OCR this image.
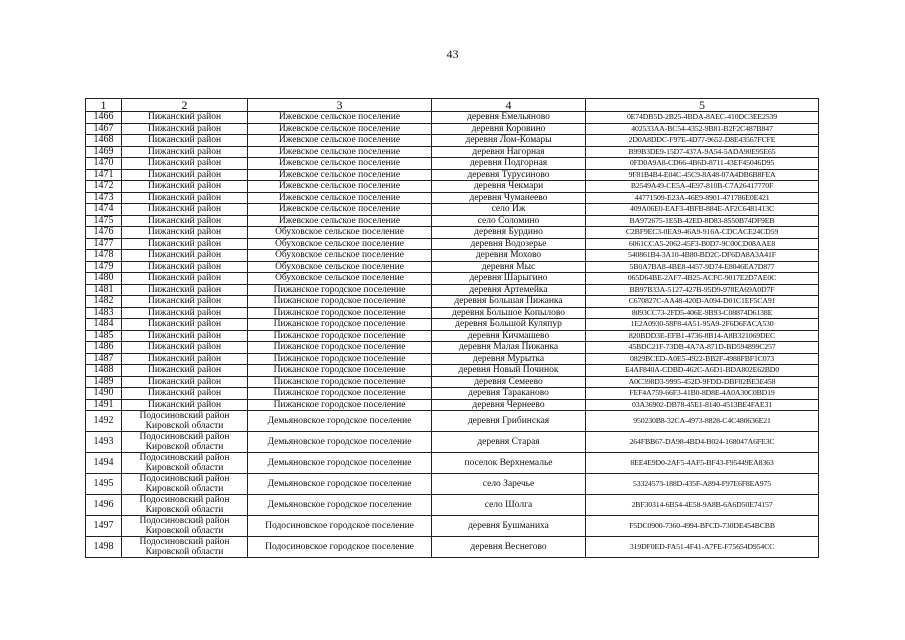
43
1	2	3	4	5
1466	Пижанский район	Ижевское сельское поселение	деревня Емельяново	0E74DB5D-2B25-4BDA-8AEC-410DC3EE2539
1467	Пижанский район	Ижевское сельское поселение	деревня Коровино	402533AA-BC54-4352-9B81-B2F2C487B847
1468	Пижанский район	Ижевское сельское поселение	деревня Лом-Комары	2D0A8DDC-F97E-4D77-9652-D8E43567FCFE
1469	Пижанский район	Ижевское сельское поселение	деревня Нагорная	B99B3DE9-15D7-437A-9A54-5ADA90E95E65
1470	Пижанский район	Ижевское сельское поселение	деревня Подгорная	0FD0A9A8-CD66-4B6D-8711-43EF45046D95
1471	Пижанский район	Ижевское сельское поселение	деревня Турусиново	9F81B4B4-E04C-45C9-8A48-07A4DB6B8FEA
1472	Пижанский район	Ижевское сельское поселение	деревня Чекмари	B2549A49-CE5A-4E97-810B-C7A26417770F
1473	Пижанский район	Ижевское сельское поселение	деревня Чуманеево	44771509-E23A-46E9-8901-471786E0E421
1474	Пижанский район	Ижевское сельское поселение	село Иж	409A06E0-EAF3-4BFB-884E-AF2C6481413C
1475	Пижанский район	Ижевское сельское поселение	село Соломино	BA972675-1E5B-42ED-8D83-8550B74DF9EB
1476	Пижанский район	Обуховское сельское поселение	деревня Бурдино	C2BF9EC3-0EA9-46A9-916A-CDCACE24CD59
1477	Пижанский район	Обуховское сельское поселение	деревня Водозерье	6061CCA5-2062-45F3-B0D7-9C00CD08AAE8
1478	Пижанский район	Обуховское сельское поселение	деревня Мохово	540861B4-3A10-4B80-BD2C-DF6DA8A3A41F
1479	Пижанский район	Обуховское сельское поселение	деревня Мыс	5B0A7BA8-4BE8-4457-9D74-E8046EA7D877
1480	Пижанский район	Обуховское сельское поселение	деревня Шарыгино	065D64BE-2AF7-4B25-ACFC-9017E2D7AE0C
1481	Пижанский район	Пижанское городское поселение	деревня Артемейка	BB97B33A-5127-427B-95D9-978EA69A0D7F
1482	Пижанский район	Пижанское городское поселение	деревня Большая Пижанка	C670827C-AA48-420D-A094-D01C1EF5CA91
1483	Пижанский район	Пижанское городское поселение	деревня Большое Копылово	8093CC73-2FD5-406E-9B93-C08874D6138E
1484	Пижанский район	Пижанское городское поселение	деревня Большой Куляпур	1E2A0930-58F8-4A51-95A9-2F6D6FACA530
1485	Пижанский район	Пижанское городское поселение	деревня Кичмашево	820BDD3E-EFB1-4736-8B14-A8B321069DEC
1486	Пижанский район	Пижанское городское поселение	деревня Малая Пижанка	45BDC21F-73DB-4A7A-871D-BD594899C257
1487	Пижанский район	Пижанское городское поселение	деревня Мурытка	0829BCED-A0E5-4922-BB2F-4988FBF1C073
1488	Пижанский район	Пижанское городское поселение	деревня Новый Починок	E4AF840A-CDBD-462C-A6D1-BDA802E62BD0
1489	Пижанский район	Пижанское городское поселение	деревня Семеево	A0C398D3-9995-452D-9FDD-DBF82BE3E458
1490	Пижанский район	Пижанское городское поселение	деревня Тараканово	FEF4A759-66F3-41B0-8D8E-4A0A30C0BD19
1491	Пижанский район	Пижанское городское поселение	деревня Чернеево	03A36902-DB78-45E1-8140-4513BE4FAE31
1492	Подосиновский район
Кировской области	Демьяновское городское поселение	деревня Грибинская	950230B8-32CA-4973-8828-C4C480636E21
1493	Подосиновский район
Кировской области	Демьяновское городское поселение	деревня Старая	264FBB67-DA98-4BD4-B024-168047A6FE3C
1494	Подосиновский район
Кировской области	Демьяновское городское поселение	поселок Верхнемалье	8EE4E9D0-2AF5-4AF5-BF43-F95449EA8363
1495	Подосиновский район
Кировской области	Демьяновское городское поселение	село Заречье	53324573-188D-435F-A894-F97E6F8EA975
1496	Подосиновский район
Кировской области	Демьяновское городское поселение	село Шолга	2BF30314-6B54-4E58-9A8B-6A6D50E74157
1497	Подосиновский район
Кировской области	Подосиновское городское поселение	деревня Бушманиха	F5DC0900-7360-4994-BFCD-730DE454BCBB
1498	Подосиновский район
Кировской области	Подосиновское городское поселение	деревня Веснегово	319DF0ED-FA51-4F41-A7FE-F75654D954CC
